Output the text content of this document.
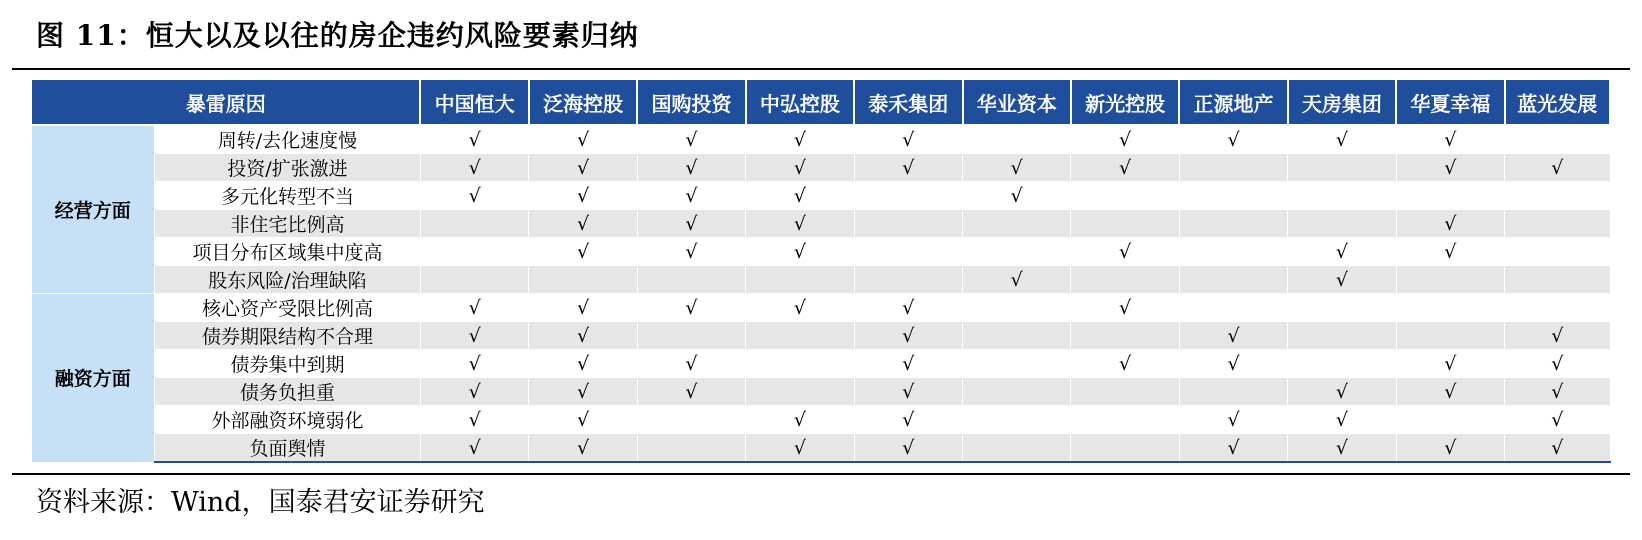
图 11：恒大以及以往的房企违约风险要素归纳
暴雷原因		中国恒大	泛海控股	国购投资	中弘控股	泰禾集团	华业资本	新光控股	正源地产	天房集团	华夏幸福	蓝光发展
经营方面	周转/去化速度慢	√	√	√	√	√		√	√	√	√	
	投资/扩张激进	√	√	√	√	√	√	√			√	√
	多元化转型不当	√	√	√	√		√					
	非住宅比例高		√	√	√						√	
	项目分布区域集中度高		√	√	√			√		√	√	
	股东风险/治理缺陷						√			√		
融资方面	核心资产受限比例高	√	√	√	√	√		√				
	债券期限结构不合理	√	√			√			√			√
	债券集中到期	√	√	√		√		√	√		√	√
	债务负担重	√	√	√		√				√	√	√
	外部融资环境弱化	√	√		√	√			√	√		√
	负面舆情	√	√		√	√			√	√	√	√
资料来源：Wind，国泰君安证券研究
